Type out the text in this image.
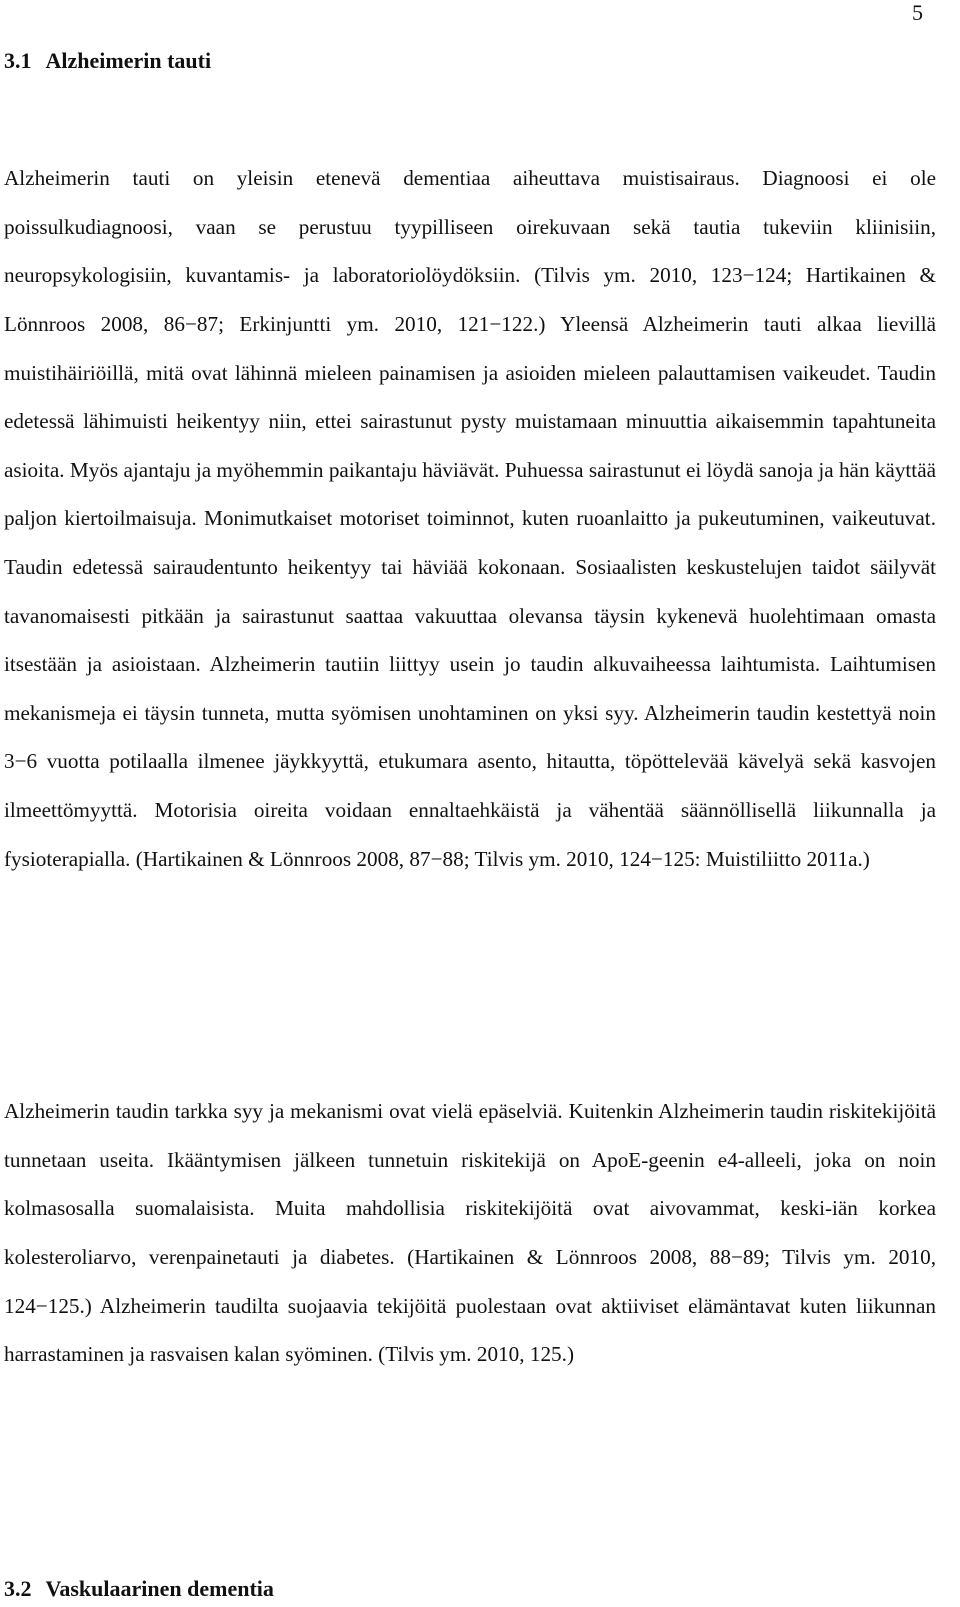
5
3.1 Alzheimerin tauti

Alzheimerin tauti on yleisin etenevä dementiaa aiheuttava muistisairaus. Diagnoosi ei ole poissulkudiagnoosi, vaan se perustuu tyypilliseen oirekuvaan sekä tautia tukeviin kliinisiin, neuropsykologisiin, kuvantamis- ja laboratoriolöydöksiin. (Tilvis ym. 2010, 123−124; Hartikainen & Lönnroos 2008, 86−87; Erkinjuntti ym. 2010, 121−122.) Yleensä Alzheimerin tauti alkaa lievillä muistihäiriöillä, mitä ovat lähinnä mieleen painamisen ja asioiden mieleen palauttamisen vaikeudet. Taudin edetessä lähimuisti heikentyy niin, ettei sairastunut pysty muistamaan minuuttia aikaisemmin tapahtuneita asioita. Myös ajantaju ja myöhemmin paikantaju häviävät. Puhuessa sairastunut ei löydä sanoja ja hän käyttää paljon kiertoilmaisuja. Monimutkaiset motoriset toiminnot, kuten ruoanlaitto ja pukeutuminen, vaikeutuvat. Taudin edetessä sairaudentunto heikentyy tai häviää kokonaan. Sosiaalisten keskustelujen taidot säilyvät tavanomaisesti pitkään ja sairastunut saattaa vakuuttaa olevansa täysin kykenevä huolehtimaan omasta itsestään ja asioistaan. Alzheimerin tautiin liittyy usein jo taudin alkuvaiheessa laihtumista. Laihtumisen mekanismeja ei täysin tunneta, mutta syömisen unohtaminen on yksi syy. Alzheimerin taudin kestettyä noin 3−6 vuotta potilaalla ilmenee jäykkyyttä, etukumara asento, hitautta, töpöttelevää kävelyä sekä kasvojen ilmeettömyyttä. Motorisia oireita voidaan ennaltaehkäistä ja vähentää säännöllisellä liikunnalla ja fysioterapialla. (Hartikainen & Lönnroos 2008, 87−88; Tilvis ym. 2010, 124−125: Muistiliitto 2011a.)

Alzheimerin taudin tarkka syy ja mekanismi ovat vielä epäselviä. Kuitenkin Alzheimerin taudin riskitekijöitä tunnetaan useita. Ikääntymisen jälkeen tunnetuin riskitekijä on ApoE-geenin e4-alleeli, joka on noin kolmasosalla suomalaisista. Muita mahdollisia riskitekijöitä ovat aivovammat, keski-iän korkea kolesteroliarvo, verenpainetauti ja diabetes. (Hartikainen & Lönnroos 2008, 88−89; Tilvis ym. 2010, 124−125.) Alzheimerin taudilta suojaavia tekijöitä puolestaan ovat aktiiviset elämäntavat kuten liikunnan harrastaminen ja rasvaisen kalan syöminen. (Tilvis ym. 2010, 125.)

3.2 Vaskulaarinen dementia
